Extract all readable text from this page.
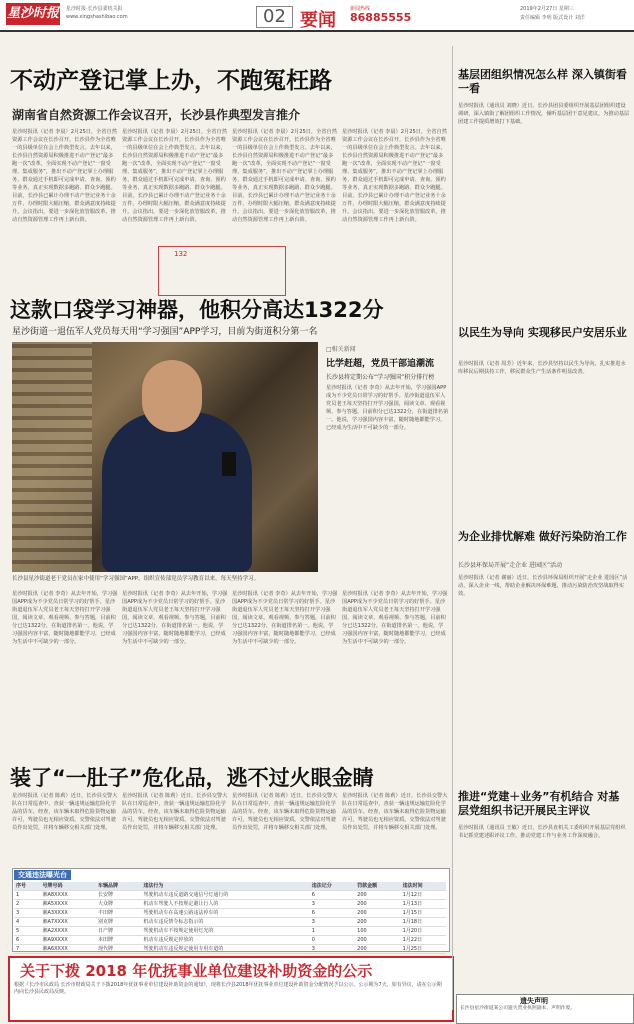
星沙时报 星沙时报·长沙县委机关报
www.xingshashibao.com	02 要闻
新闻热线
86885555
2019年2月27日 星期三
责任编辑 李明 版式设计 刘洋
不动产登记掌上办，不跑冤枉路
湖南省自然资源工作会议召开，长沙县作典型发言推介
星沙时报讯（记者 李晨）2月25日，全省自然资源工作会议在长沙召开，长沙县作为全省唯一的县级单位在会上作典型发言。去年以来，长沙县自然资源局积极推进不动产登记“最多跑一次”改革，全面实现不动产登记“一窗受理、集成服务”，推出不动产登记掌上办理服务，群众通过手机即可完成申请、查询、预约等业务，真正实现数据多跑路、群众少跑腿。目前，长沙县已累计办理不动产登记业务十余万件，办理时限大幅压缩，群众满意度持续提升。会议指出，要进一步深化放管服改革，推动自然资源管理工作再上新台阶。
星沙时报讯（记者 李晨）2月25日，全省自然资源工作会议在长沙召开，长沙县作为全省唯一的县级单位在会上作典型发言。去年以来，长沙县自然资源局积极推进不动产登记“最多跑一次”改革，全面实现不动产登记“一窗受理、集成服务”，推出不动产登记掌上办理服务，群众通过手机即可完成申请、查询、预约等业务，真正实现数据多跑路、群众少跑腿。目前，长沙县已累计办理不动产登记业务十余万件，办理时限大幅压缩，群众满意度持续提升。会议指出，要进一步深化放管服改革，推动自然资源管理工作再上新台阶。
星沙时报讯（记者 李晨）2月25日，全省自然资源工作会议在长沙召开，长沙县作为全省唯一的县级单位在会上作典型发言。去年以来，长沙县自然资源局积极推进不动产登记“最多跑一次”改革，全面实现不动产登记“一窗受理、集成服务”，推出不动产登记掌上办理服务，群众通过手机即可完成申请、查询、预约等业务，真正实现数据多跑路、群众少跑腿。目前，长沙县已累计办理不动产登记业务十余万件，办理时限大幅压缩，群众满意度持续提升。会议指出，要进一步深化放管服改革，推动自然资源管理工作再上新台阶。
星沙时报讯（记者 李晨）2月25日，全省自然资源工作会议在长沙召开，长沙县作为全省唯一的县级单位在会上作典型发言。去年以来，长沙县自然资源局积极推进不动产登记“最多跑一次”改革，全面实现不动产登记“一窗受理、集成服务”，推出不动产登记掌上办理服务，群众通过手机即可完成申请、查询、预约等业务，真正实现数据多跑路、群众少跑腿。目前，长沙县已累计办理不动产登记业务十余万件，办理时限大幅压缩，群众满意度持续提升。会议指出，要进一步深化放管服改革，推动自然资源管理工作再上新台阶。
132
这款口袋学习神器，他积分高达1322分
星沙街道一退伍军人党员每天用“学习强国”APP学习，目前为街道积分第一名
长沙县星沙街道老干党员在家中使用“学习强国”APP，组织宣传部党员学习教育以来，每天坚持学习。
□相关新闻
比学赶超，党员干部追潮流
长沙县将定期公布“学习强国”积分排行榜
星沙时报讯（记者 李奇）从去年开始，学习强国APP成为不少党员日常学习的好帮手。星沙街道退伍军人党员老王每天坚持打开学习强国，阅读文章、观看视频、参与答题，目前积分已达1322分，在街道排名第一。他说，学习强国内容丰富，随时随地都能学习，已经成为生活中不可缺少的一部分。
星沙时报讯（记者 李奇）从去年开始，学习强国APP成为不少党员日常学习的好帮手。星沙街道退伍军人党员老王每天坚持打开学习强国，阅读文章、观看视频、参与答题，目前积分已达1322分，在街道排名第一。他说，学习强国内容丰富，随时随地都能学习，已经成为生活中不可缺少的一部分。
星沙时报讯（记者 李奇）从去年开始，学习强国APP成为不少党员日常学习的好帮手。星沙街道退伍军人党员老王每天坚持打开学习强国，阅读文章、观看视频、参与答题，目前积分已达1322分，在街道排名第一。他说，学习强国内容丰富，随时随地都能学习，已经成为生活中不可缺少的一部分。
星沙时报讯（记者 李奇）从去年开始，学习强国APP成为不少党员日常学习的好帮手。星沙街道退伍军人党员老王每天坚持打开学习强国，阅读文章、观看视频、参与答题，目前积分已达1322分，在街道排名第一。他说，学习强国内容丰富，随时随地都能学习，已经成为生活中不可缺少的一部分。
星沙时报讯（记者 李奇）从去年开始，学习强国APP成为不少党员日常学习的好帮手。星沙街道退伍军人党员老王每天坚持打开学习强国，阅读文章、观看视频、参与答题，目前积分已达1322分，在街道排名第一。他说，学习强国内容丰富，随时随地都能学习，已经成为生活中不可缺少的一部分。
装了“一肚子”危化品，逃不过火眼金睛
星沙时报讯（记者 陈莉）近日，长沙县交警大队在日常巡查中，查获一辆违规运输危险化学品的货车。经查，该车辆未取得危险货物运输许可，驾驶员也无相应资质。交警依法对驾驶员作出处罚，并将车辆移交相关部门处理。
星沙时报讯（记者 陈莉）近日，长沙县交警大队在日常巡查中，查获一辆违规运输危险化学品的货车。经查，该车辆未取得危险货物运输许可，驾驶员也无相应资质。交警依法对驾驶员作出处罚，并将车辆移交相关部门处理。
星沙时报讯（记者 陈莉）近日，长沙县交警大队在日常巡查中，查获一辆违规运输危险化学品的货车。经查，该车辆未取得危险货物运输许可，驾驶员也无相应资质。交警依法对驾驶员作出处罚，并将车辆移交相关部门处理。
星沙时报讯（记者 陈莉）近日，长沙县交警大队在日常巡查中，查获一辆违规运输危险化学品的货车。经查，该车辆未取得危险货物运输许可，驾驶员也无相应资质。交警依法对驾驶员作出处罚，并将车辆移交相关部门处理。
交通违法曝光台
序号	号牌号码	车辆品牌	违法行为	违法记分	罚款金额	违法时间
1	湘A8XXXX	长安牌	驾驶机动车违反道路交通信号灯通行的	6	200	1月12日
2	湘A5XXXX	大众牌	机动车驾驶人不按规定避让行人的	3	200	1月13日
3	湘A3XXXX	丰田牌	驾驶机动车在高速公路违法停车的	6	200	1月15日
4	湘A7XXXX	别克牌	机动车违反禁令标志指示的	3	200	1月18日
5	湘A2XXXX	日产牌	驾驶机动车不按规定使用灯光的	1	100	1月20日
6	湘A9XXXX	本田牌	机动车违反规定停放的	0	200	1月22日
7	湘A6XXXX	现代牌	驾驶机动车违反规定使用专用车道的	3	200	1月25日
关于下拨 2018 年优抚事业单位建设补助资金的公示
根据《长沙市民政局 长沙市财政局关于下拨2018年优抚事业单位建设补助资金的通知》，现将长沙县2018年优抚事业单位建设补助资金分配情况予以公示。公示期为7天，如有异议，请在公示期内向长沙县民政局反映。
基层团组织情况怎么样 深入镇街看一看
星沙时报讯（通讯员 刘晓）近日，长沙县团县委组织开展基层团组织建设调研，深入镇街了解团组织工作情况，倾听基层团干意见建议，为推动基层团建工作提质增效打下基础。
以民生为导向 实现移民户安居乐业
星沙时报讯（记者 周芳）近年来，长沙县坚持以民生为导向，扎实推进水库移民后期扶持工作，移民群众生产生活条件明显改善。
为企业排忧解难 做好污染防治工作
长沙县环保局开展“走企业 进园区”活动
星沙时报讯（记者 谢丽）近日，长沙县环保局组织开展“走企业 进园区”活动，深入企业一线，帮助企业解决环保难题，推动污染防治攻坚战取得实效。
推进“党建＋业务”有机结合 对基层党组织书记开展民主评议
星沙时报讯（通讯员 王敏）近日，长沙县直机关工委组织开展基层党组织书记抓党建述职评议工作，推动党建工作与业务工作深度融合。
遗失声明
长沙县星沙街道某公司遗失营业执照副本，声明作废。
